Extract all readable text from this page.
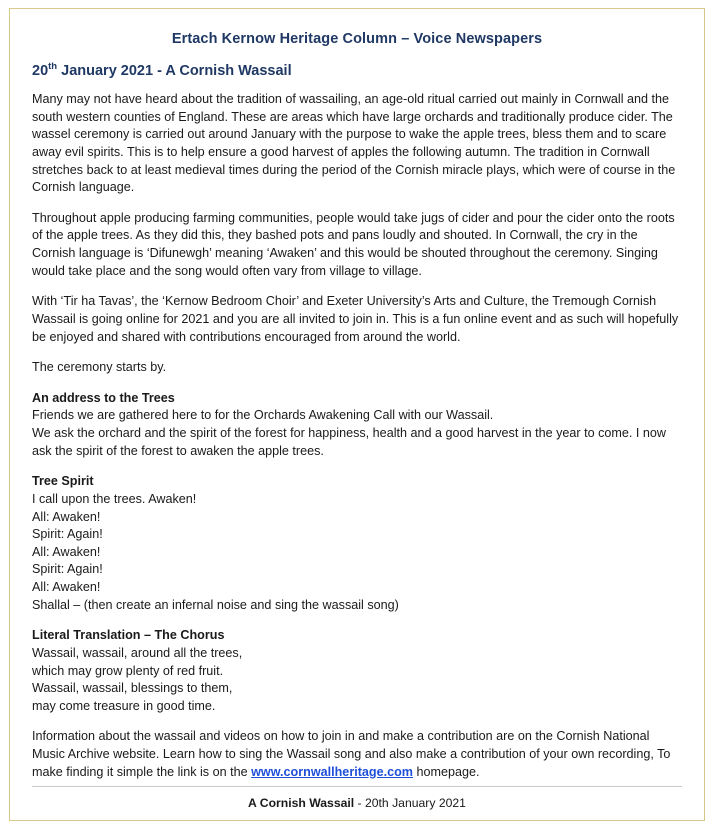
Ertach Kernow Heritage Column – Voice Newspapers
20th January 2021 - A Cornish Wassail

Many may not have heard about the tradition of wassailing, an age-old ritual carried out mainly in Cornwall and the south western counties of England. These are areas which have large orchards and traditionally produce cider. The wassel ceremony is carried out around January with the purpose to wake the apple trees, bless them and to scare away evil spirits. This is to help ensure a good harvest of apples the following autumn. The tradition in Cornwall stretches back to at least medieval times during the period of the Cornish miracle plays, which were of course in the Cornish language.

Throughout apple producing farming communities, people would take jugs of cider and pour the cider onto the roots of the apple trees. As they did this, they bashed pots and pans loudly and shouted. In Cornwall, the cry in the Cornish language is ‘Difunewgh’ meaning ‘Awaken’ and this would be shouted throughout the ceremony. Singing would take place and the song would often vary from village to village.

With ‘Tir ha Tavas’, the ‘Kernow Bedroom Choir’ and Exeter University’s Arts and Culture, the Tremough Cornish Wassail is going online for 2021 and you are all invited to join in. This is a fun online event and as such will hopefully be enjoyed and shared with contributions encouraged from around the world.

The ceremony starts by.

An address to the Trees
Friends we are gathered here to for the Orchards Awakening Call with our Wassail.
We ask the orchard and the spirit of the forest for happiness, health and a good harvest in the year to come. I now ask the spirit of the forest to awaken the apple trees.
Tree Spirit
I call upon the trees. Awaken!
All: Awaken!
Spirit: Again!
All: Awaken!
Spirit: Again!
All: Awaken!
Shallal – (then create an infernal noise and sing the wassail song)
Literal Translation – The Chorus
Wassail, wassail, around all the trees,
which may grow plenty of red fruit.
Wassail, wassail, blessings to them,
may come treasure in good time.

Information about the wassail and videos on how to join in and make a contribution are on the Cornish National Music Archive website. Learn how to sing the Wassail song and also make a contribution of your own recording, To make finding it simple the link is on the www.cornwallheritage.com homepage.

A Cornish Wassail - 20th January 2021
